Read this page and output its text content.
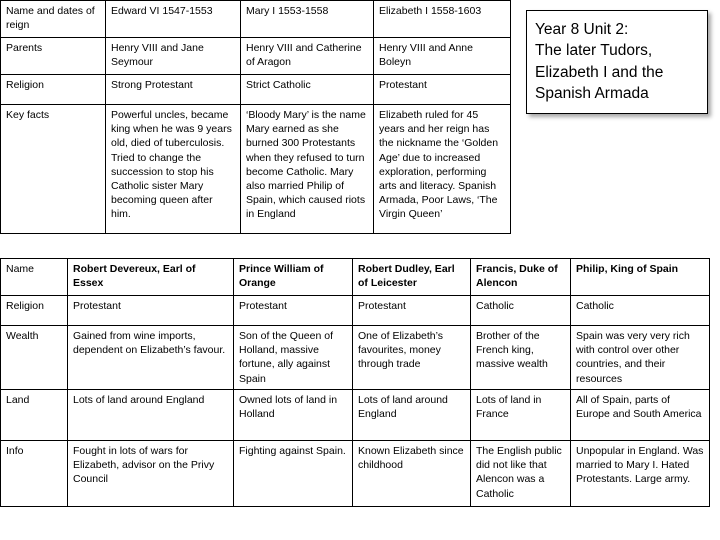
Name and dates of reign	Edward VI 1547-1553	Mary I 1553-1558	Elizabeth I 1558-1603
Parents	Henry VIII and Jane Seymour	Henry VIII and Catherine of Aragon	Henry VIII and Anne Boleyn
Religion	Strong Protestant	Strict Catholic	Protestant
Key facts	Powerful uncles, became king when he was 9 years old, died of tuberculosis. Tried to change the succession to stop his Catholic sister Mary becoming queen after him.	‘Bloody Mary’ is the name Mary earned as she burned 300 Protestants when they refused to turn become Catholic. Mary also married Philip of Spain, which caused riots in England	Elizabeth ruled for 45 years and her reign has the nickname the ‘Golden Age’ due to increased exploration, performing arts and literacy. Spanish Armada, Poor Laws, ‘The Virgin Queen’
Year 8 Unit 2:
The later Tudors,
Elizabeth I and the
Spanish Armada
Name	Robert Devereux, Earl of Essex	Prince William of Orange	Robert Dudley, Earl of Leicester	Francis, Duke of Alencon	Philip, King of Spain
Religion	Protestant	Protestant	Protestant	Catholic	Catholic
Wealth	Gained from wine imports, dependent on Elizabeth’s favour.	Son of the Queen of Holland, massive fortune, ally against Spain	One of Elizabeth’s favourites, money through trade	Brother of the French king, massive wealth	Spain was very very rich with control over other countries, and their resources
Land	Lots of land around England	Owned lots of land in Holland	Lots of land around England	Lots of land in France	All of Spain, parts of Europe and South America
Info	Fought in lots of wars for Elizabeth, advisor on the Privy Council	Fighting against Spain.	Known Elizabeth since childhood	The English public did not like that Alencon was a Catholic	Unpopular in England. Was married to Mary I. Hated Protestants. Large army.
